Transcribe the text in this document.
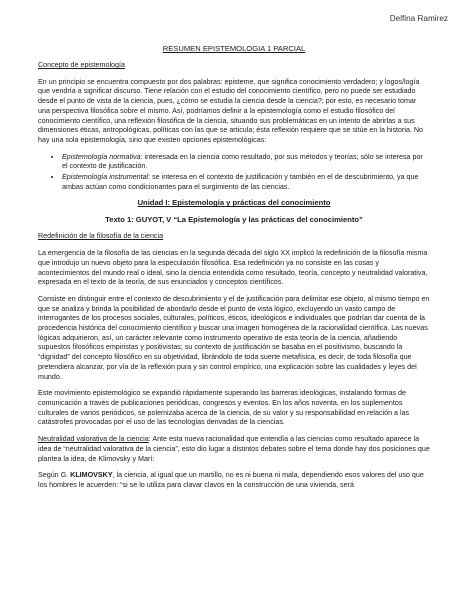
Delfina Ramirez
RESUMEN EPISTEMOLOGIA 1 PARCIAL

Concepto de epistemología

En un principio se encuentra compuesto por dos palabras: episteme, que significa conocimiento verdadero; y logos/logía que vendría a significar discurso. Tiene relación con el estudio del conocimiento científico, pero no puede ser estudiado desde el punto de vista de la ciencia, pues, ¿cómo se estudia la ciencia desde la ciencia?; por esto, es necesario tomar una perspectiva filosófica sobre el mismo. Así, podríamos definir a la epistemología como el estudio filosófico del conocimiento científico, una reflexión filosófica de la ciencia, situando sus problemáticas en un intento de abrirlas a sus dimensiones éticas, antropológicas, políticas con las que se articula; ésta reflexión requiere que se sitúe en la historia. No hay una sola epistemología, sino que existen opciones epistemológicas:

• Epistemología normativa: interesada en la ciencia como resultado, por sus métodos y teorías; sólo se interesa por el contexto de justificación.
• Epistemología instrumental: se interesa en el contexto de justificación y también en el de descubrimiento, ya que ambas actúan como condicionantes para el surgimiento de las ciencias.
Unidad I: Epistemología y prácticas del conocimiento
Texto 1: GUYOT, V “La Epistemología y las prácticas del conocimiento”

Redefinición de la filosofía de la ciencia

La emergencia de la filosofía de las ciencias en la segunda década del siglo XX implicó la redefinición de la filosofía misma que introdujo un nuevo objeto para la especulación filosófica. Esa redefinición ya no consiste en las cosas y acontecimientos del mundo real o ideal, sino la ciencia entendida como resultado, teoría, concepto y neutralidad valorativa, expresada en el texto de la teoría, de sus enunciados y conceptos científicos.

Consiste en distinguir entre el contexto de descubrimiento y el de justificación para delimitar ese objeto, al mismo tiempo en que se analiza y brinda la posibilidad de abordarlo desde el punto de vista lógico, excluyendo un vasto campo de interrogantes de los procesos sociales, culturales, políticos, éticos, ideológicos e individuales que podrían dar cuenta de la procedencia histórica del conocimiento científico y buscar una imagen homogénea de la racionalidad científica. Las nuevas lógicas adquirieron, así, un carácter relevante como instrumento operativo de esta teoría de la ciencia, añadiendo supuestos filosóficos empiristas y positivistas; su contexto de justificación se basaba en el positivismo, buscando la “dignidad” del concepto filosófico en su objetividad, librándolo de toda suerte metafísica, es decir, de toda filosofía que pretendiera alcanzar, por vía de la reflexión pura y sin control empírico, una explicación sobre las cualidades y leyes del mundo.

Este movimiento epistemológico se expandió rápidamente superando las barreras ideológicas, instalando formas de comunicación a través de publicaciones periódicas, congresos y eventos. En los años noventa, en los suplementos culturales de varios periódicos, se polemizaba acerca de la ciencia, de su valor y su responsabilidad en relación a las catástrofes provocadas por el uso de las tecnologías derivadas de la ciencias.

Neutralidad valorativa de la ciencia: Ante esta nueva racionalidad que entendía a las ciencias como resultado aparece la idea de “neutralidad valorativa de la ciencia”, esto dio lugar a distintos debates sobre el tema donde hay dos posiciones que plantea la idea, de Klimovsky y Marí:

Según G. KLIMOVSKY, la ciencia, al igual que un martillo, no es ni buena ni mala, dependiendo esos valores del uso que los hombres le acuerden: “si se lo utiliza para clavar clavos en la construcción de una vivienda, será
